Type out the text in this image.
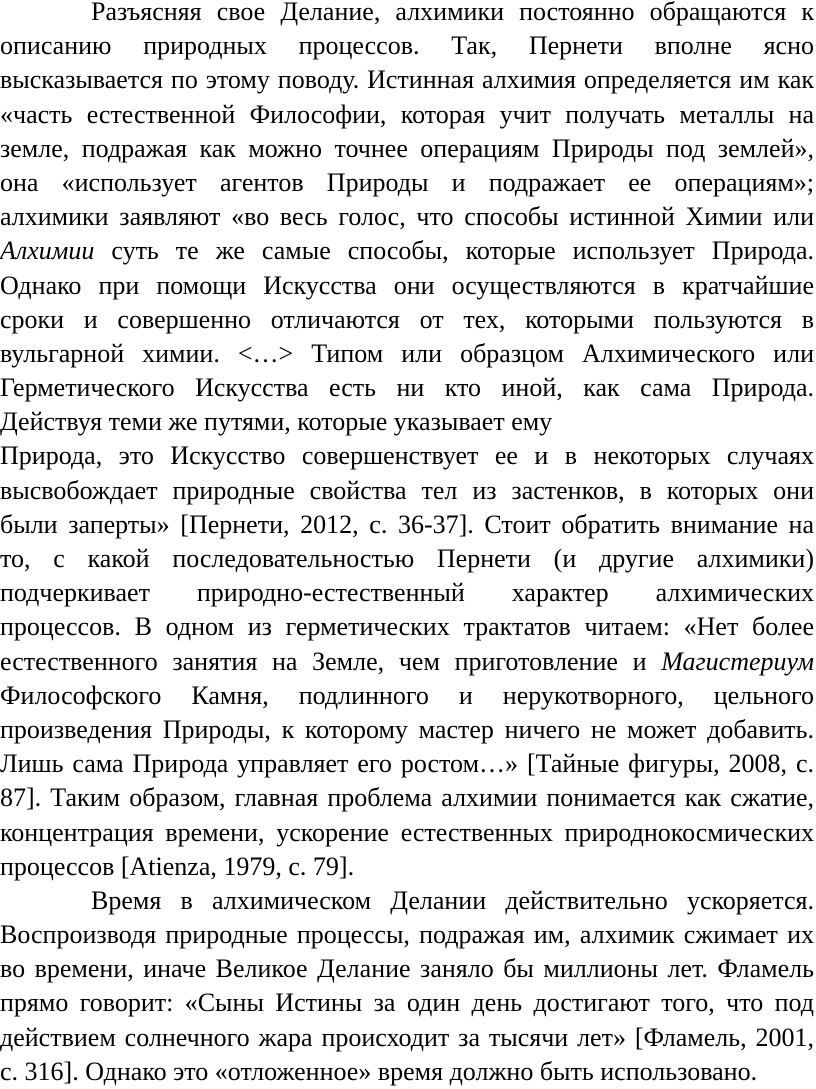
Разъясняя свое Делание, алхимики постоянно обращаются к
описанию природных процессов. Так, Пернети вполне ясно
высказывается по этому поводу. Истинная алхимия определяется им как
«часть естественной Философии, которая учит получать металлы на
земле, подражая как можно точнее операциям Природы под землей»,
она «использует агентов Природы и подражает ее операциям»;
алхимики заявляют «во весь голос, что способы истинной Химии или
Алхимии суть те же самые способы, которые использует Природа.
Однако при помощи Искусства они осуществляются в кратчайшие
сроки и совершенно отличаются от тех, которыми пользуются в
вульгарной химии. <…> Типом или образцом Алхимического или
Герметического Искусства есть ни кто иной, как сама Природа.
Действуя теми же путями, которые указывает ему
Природа, это Искусство совершенствует ее и в некоторых случаях
высвобождает природные свойства тел из застенков, в которых они
были заперты» [Пернети, 2012, с. 36-37]. Стоит обратить внимание на
то, с какой последовательностью Пернети (и другие алхимики)
подчеркивает природно-естественный характер алхимических
процессов. В одном из герметических трактатов читаем: «Нет более
естественного занятия на Земле, чем приготовление и Магистериум
Философского Камня, подлинного и нерукотворного, цельного
произведения Природы, к которому мастер ничего не может добавить.
Лишь сама Природа управляет его ростом…» [Тайные фигуры, 2008, с.
87]. Таким образом, главная проблема алхимии понимается как сжатие,
концентрация времени, ускорение естественных природнокосмических
процессов [Atienza, 1979, с. 79].
Время в алхимическом Делании действительно ускоряется.
Воспроизводя природные процессы, подражая им, алхимик сжимает их
во времени, иначе Великое Делание заняло бы миллионы лет. Фламель
прямо говорит: «Сыны Истины за один день достигают того, что под
действием солнечного жара происходит за тысячи лет» [Фламель, 2001,
с. 316]. Однако это «отложенное» время должно быть использовано.
